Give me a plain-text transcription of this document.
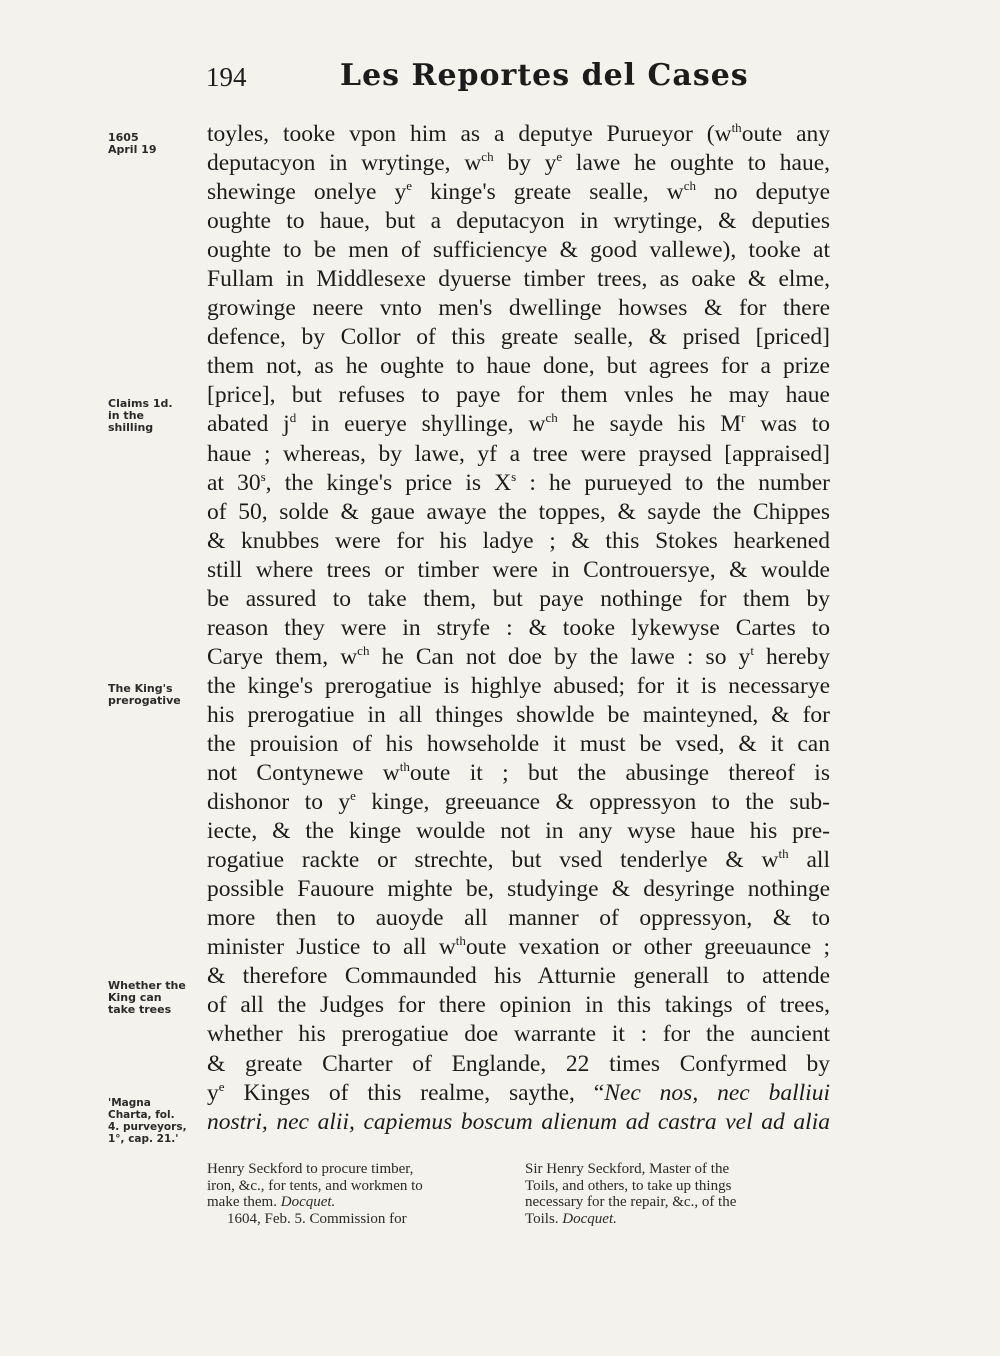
194	Les Reportes del Cases
1605
April 19
Claims 1d.
in the
shilling
The King's
prerogative
Whether the
King can
take trees
'Magna
Charta, fol.
4. purveyors,
1°, cap. 21.'
toyles, tooke vpon him as a deputye Purueyor ($w^{th}oute$ any
deputacyon in wrytinge, $w^{ch}$ by $y^e$ lawe he oughte to haue,
shewinge onelye $y^e$ kinge's greate sealle, $w^{ch}$ no deputye
oughte to haue, but a deputacyon in wrytinge, & deputies
oughte to be men of sufficiencye & good vallewe), tooke at
Fullam in Middlesexe dyuerse timber trees, as oake & elme,
growinge neere vnto men's dwellinge howses & for there
defence, by Collor of this greate sealle, & prised [priced]
them not, as he oughte to haue done, but agrees for a prize
[price], but refuses to paye for them vnles he may haue
abated $j^d$ in euerye shyllinge, $w^{ch}$ he sayde his $M^r$ was to
haue ; whereas, by lawe, yf a tree were praysed [appraised]
at 30$^s$, the kinge's price is $X^s$ : he purueyed to the number
of 50, solde & gaue awaye the toppes, & sayde the Chippes
& knubbes were for his ladye ; & this Stokes hearkened
still where trees or timber were in Controuersye, & woulde
be assured to take them, but paye nothinge for them by
reason they were in stryfe : & tooke lykewyse Cartes to
Carye them, $w^{ch}$ he Can not doe by the lawe : so $y^t$ hereby
the kinge's prerogatiue is highlye abused; for it is necessarye
his prerogatiue in all thinges showlde be mainteyned, & for
the prouision of his howseholde it must be vsed, & it can
not Contynewe $w^{th}oute$ it ; but the abusinge thereof is
dishonor to $y^e$ kinge, greeuance & oppressyon to the sub-
iecte, & the kinge woulde not in any wyse haue his pre-
rogatiue rackte or strechte, but vsed tenderlye & $w^{th}$ all
possible Fauoure mighte be, studyinge & desyringe nothinge
more then to auoyde all manner of oppressyon, & to
minister Justice to all $w^{th}oute$ vexation or other greeuaunce ;
& therefore Commaunded his Atturnie generall to attende
of all the Judges for there opinion in this takings of trees,
whether his prerogatiue doe warrante it : for the auncient
& greate Charter of Englande, 22 times Confyrmed by
$y^e$ Kinges of this realme, saythe, “Nec nos, nec balliui
nostri, nec alii, capiemus boscum alienum ad castra vel ad alia
Henry Seckford to procure timber,
iron, &c., for tents, and workmen to
make them. Docquet.
1604, Feb. 5. Commission for
Sir Henry Seckford, Master of the
Toils, and others, to take up things
necessary for the repair, &c., of the
Toils. Docquet.
